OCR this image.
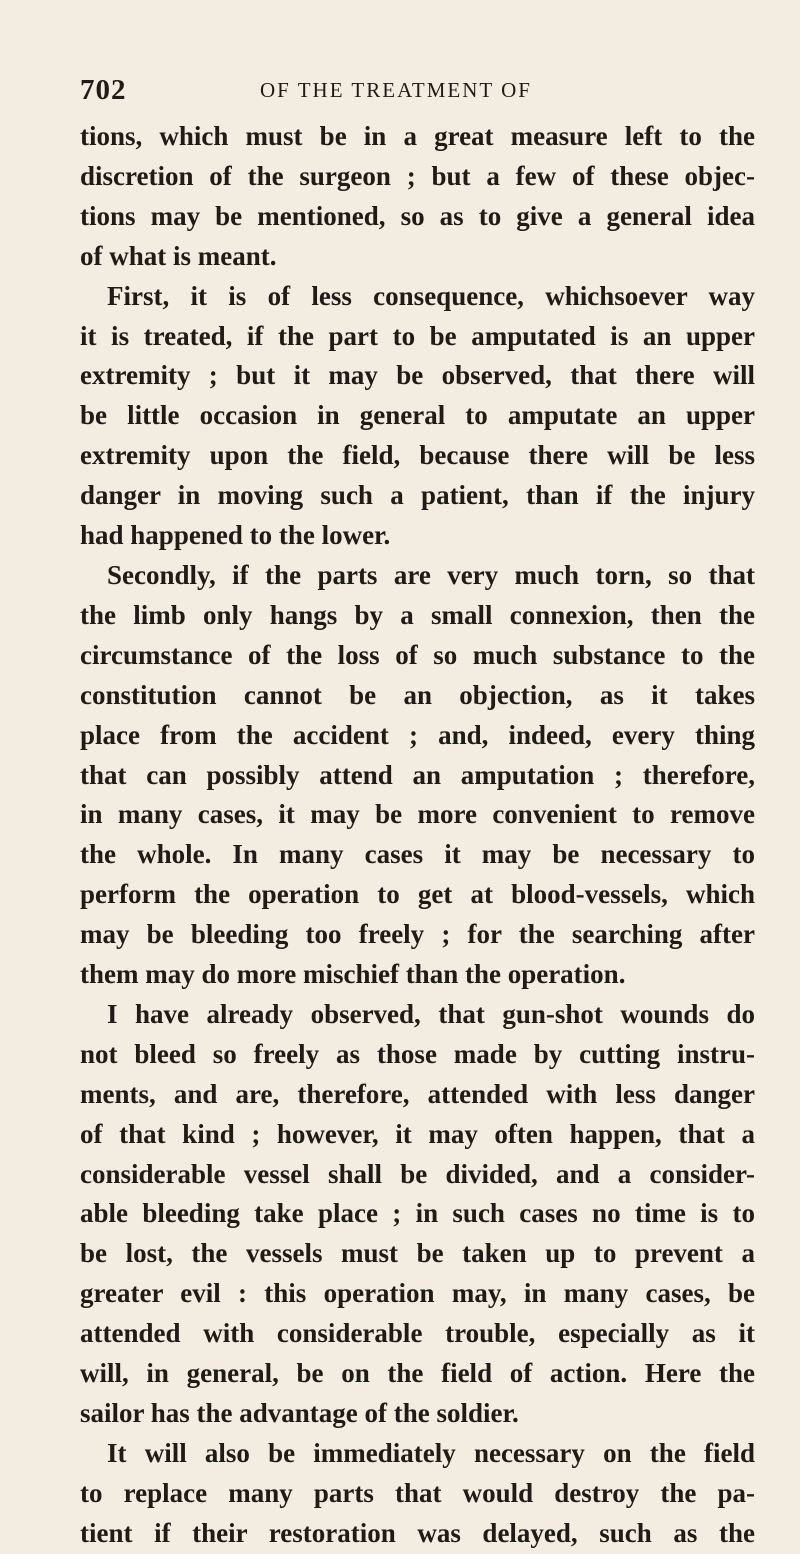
702	OF THE TREATMENT OF
tions, which must be in a great measure left to the
discretion of the surgeon ; but a few of these objec-
tions may be mentioned, so as to give a general idea
of what is meant.
First, it is of less consequence, whichsoever way
it is treated, if the part to be amputated is an upper
extremity ; but it may be observed, that there will
be little occasion in general to amputate an upper
extremity upon the field, because there will be less
danger in moving such a patient, than if the injury
had happened to the lower.
Secondly, if the parts are very much torn, so that
the limb only hangs by a small connexion, then the
circumstance of the loss of so much substance to the
constitution cannot be an objection, as it takes
place from the accident ; and, indeed, every thing
that can possibly attend an amputation ; therefore,
in many cases, it may be more convenient to remove
the whole. In many cases it may be necessary to
perform the operation to get at blood-vessels, which
may be bleeding too freely ; for the searching after
them may do more mischief than the operation.
I have already observed, that gun-shot wounds do
not bleed so freely as those made by cutting instru-
ments, and are, therefore, attended with less danger
of that kind ; however, it may often happen, that a
considerable vessel shall be divided, and a consider-
able bleeding take place ; in such cases no time is to
be lost, the vessels must be taken up to prevent a
greater evil : this operation may, in many cases, be
attended with considerable trouble, especially as it
will, in general, be on the field of action. Here the
sailor has the advantage of the soldier.
It will also be immediately necessary on the field
to replace many parts that would destroy the pa-
tient if their restoration was delayed, such as the
